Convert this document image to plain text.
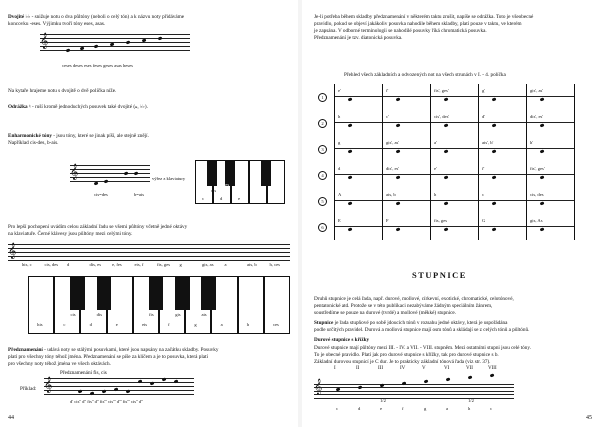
Dvojité ♭♭ - snižuje notu o dva půltóny (neboli o celý tón) a k názvu noty přidáváme
koncovku -eses. Výjimku tvoří tóny eses, asas.
𝄞
ceses deses eses feses geses asas heses
Na kytaře hrajeme notu s dvojitě o dvě políčka níže.
Odrážka ♮ - ruší kromě jednoduchých posuvek také dvojité (𝄪, ♭♭).
Enharmonické tóny - jsou tóny, které se jinak píší, ale stejně znějí.
Například cis-des, b-ais.
𝄞
cis=des	b=ais
výřez z klaviatury
c	d	e
cis
des
Pro lepší pochopení uvádím celou základní řadu se všemi půltóny včetně jedné oktávy
na klaviatuře. Černé klávesy jsou půltóny mezi celými tóny.
𝄞
his, c	cis, des d	dis, es e, fes	eis, f	fis, ges g	gis, as a	ais, b	h, ces
cis	dis	fis	gis	ais
his	c	d	e	eis	f	g	a	h	ces
Předznamenání - udává noty se stálými posuvkami, které jsou napsány na začátku skladby. Posuvky
platí pro všechny tóny téhož jména. Předznamenání se píše za klíčem a je to posuvka, která platí
pro všechny noty téhož jména ve všech oktávách.
Předznamenání fis, cis
Příklad: 𝄞
d' cis'' d'' fis'' d'' fis''' cis''' d''' fis''' cis'' d''
44
Je-li potřeba během skladby předznamenání v některém taktu zrušit, napíše se odrážka. Toto je všeobecné
pravidlo, pokud se objeví jakákoliv posuvka nahodile během skladby, platí pouze v taktu, ve kterém
je zapsána. V odborné terminologii se nahodilé posuvky říká chromatická posuvka.
Předznamenání je tzv. diatonická posuvka.
Přehled všech základních a odvozených not na všech strunách v I. - 4. políčka
1
e'	f'	fis', ges'	g'	gis', as'
2
h	c'	cis', des'	d'	dis', es'
3
g	gis', as'	a'	ais', b'	h'
4
d	dis', es'	e'	f'	fis', ges'
5
A	ais, b	h	c	cis, des
6
E	F	fis, ges	G	gis, As
STUPNICE
Druhů stupnice je celá řada, např. durové, mollové, církevní, exotické, chromatické, celotónové,
pentatonické atd. Protože se v této publikaci nezabýváme žádným speciálním žánrem,
soustředíme se pouze na durové (tvrdé) a mollové (měkké) stupnice.
Stupnice je řada stupňové po sobě jdoucích tónů v rozsahu jedné oktávy, která je uspořádána
podle určitých pravidel. Durová a mollová stupnice mají osm tónů a skládají se z celých tónů a půltónů.
Durové stupnice s křížky
Durové stupnice mají půltóny mezi III. - IV. a VII. - VIII. stupněm. Mezi ostatními stupni jsou celé tóny.
To je obecné pravidlo. Platí jak pro durové stupnice s křížky, tak pro durové stupnice s b.
Základní durovou stupnicí je C dur. Je to prakticky základní tónová řada (viz str. 37).
I	II	III	IV	V	VI	VII	VIII
𝄞
c	d	e	f	g	a	h	c
1/2	1/2
45
